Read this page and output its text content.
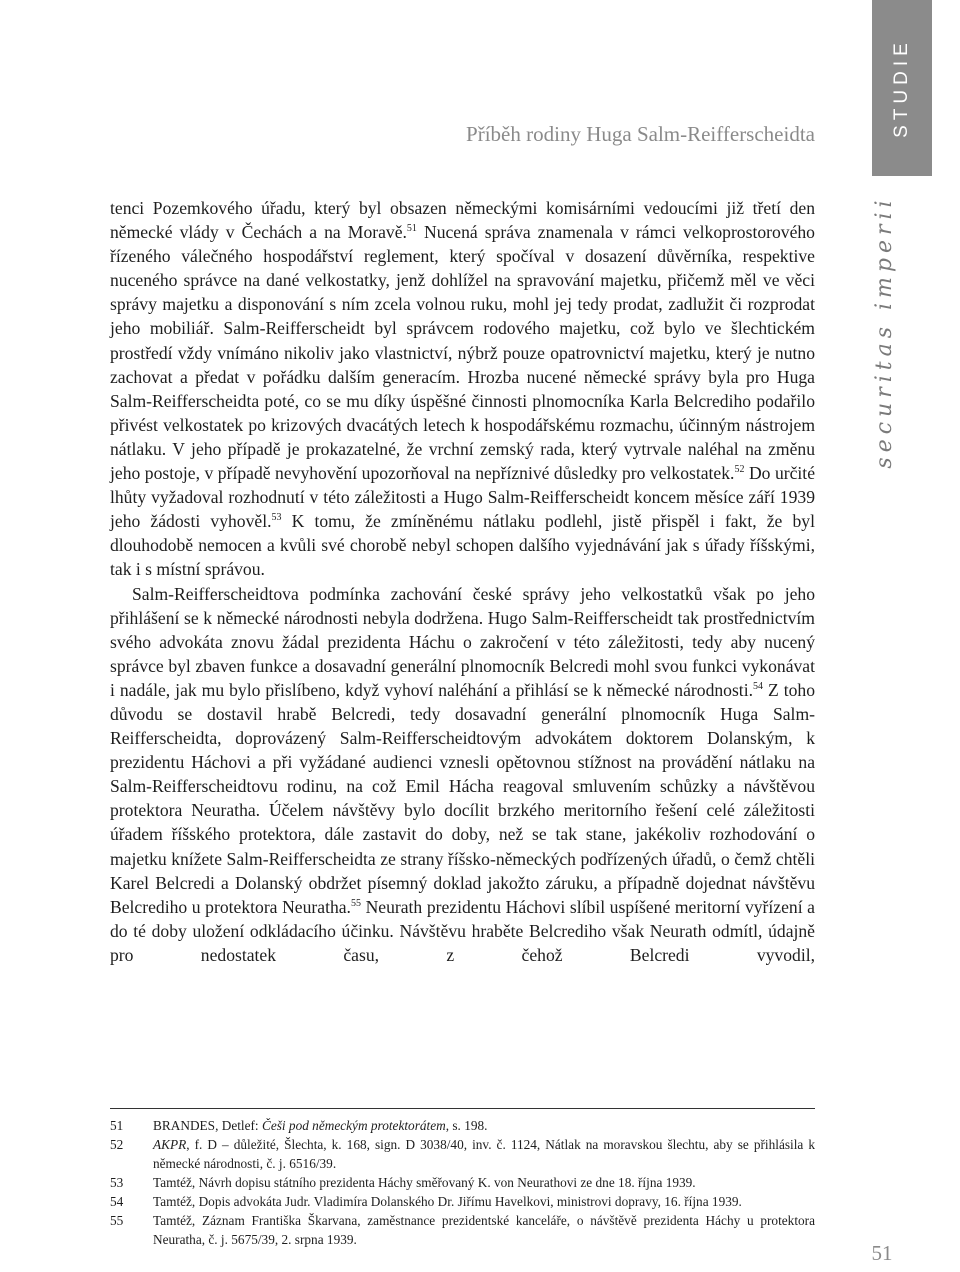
STUDIE
securitas imperii
Příběh rodiny Huga Salm-Reifferscheidta

tenci Pozemkového úřadu, který byl obsazen německými komisárními vedoucími již třetí den německé vlády v Čechách a na Moravě.$^{51}$ Nucená správa znamenala v rámci velkoprostorového řízeného válečného hospodářství reglement, který spočíval v dosazení důvěrníka, respektive nuceného správce na dané velkostatky, jenž dohlížel na spravování majetku, přičemž měl ve věci správy majetku a disponování s ním zcela volnou ruku, mohl jej tedy prodat, zadlužit či rozprodat jeho mobiliář. Salm-Reifferscheidt byl správcem rodového majetku, což bylo ve šlechtickém prostředí vždy vnímáno nikoliv jako vlastnictví, nýbrž pouze opatrovnictví majetku, který je nutno zachovat a předat v pořádku dalším generacím. Hrozba nucené německé správy byla pro Huga Salm-Reifferscheidta poté, co se mu díky úspěšné činnosti plnomocníka Karla Belcrediho podařilo přivést velkostatek po krizových dvacátých letech k hospodářskému rozmachu, účinným nástrojem nátlaku. V jeho případě je prokazatelné, že vrchní zemský rada, který vytrvale naléhal na změnu jeho postoje, v případě nevyhovění upozorňoval na nepříznivé důsledky pro velkostatek.$^{52}$ Do určité lhůty vyžadoval rozhodnutí v této záležitosti a Hugo Salm-Reifferscheidt koncem měsíce září 1939 jeho žádosti vyhověl.$^{53}$ K tomu, že zmíněnému nátlaku podlehl, jistě přispěl i fakt, že byl dlouhodobě nemocen a kvůli své chorobě nebyl schopen dalšího vyjednávání jak s úřady říšskými, tak i s místní správou.

Salm-Reifferscheidtova podmínka zachování české správy jeho velkostatků však po jeho přihlášení se k německé národnosti nebyla dodržena. Hugo Salm-Reifferscheidt tak prostřednictvím svého advokáta znovu žádal prezidenta Háchu o zakročení v této záležitosti, tedy aby nucený správce byl zbaven funkce a dosavadní generální plnomocník Belcredi mohl svou funkci vykonávat i nadále, jak mu bylo přislíbeno, když vyhoví naléhání a přihlásí se k německé národnosti.$^{54}$ Z toho důvodu se dostavil hrabě Belcredi, tedy dosavadní generální plnomocník Huga Salm-Reifferscheidta, doprovázený Salm-Reifferscheidtovým advokátem doktorem Dolanským, k prezidentu Háchovi a při vyžádané audienci vznesli opětovnou stížnost na provádění nátlaku na Salm-Reifferscheidtovu rodinu, na což Emil Hácha reagoval smluvením schůzky a návštěvou protektora Neuratha. Účelem návštěvy bylo docílit brzkého meritorního řešení celé záležitosti úřadem říšského protektora, dále zastavit do doby, než se tak stane, jakékoliv rozhodování o majetku knížete Salm-Reifferscheidta ze strany říšsko-německých podřízených úřadů, o čemž chtěli Karel Belcredi a Dolanský obdržet písemný doklad jakožto záruku, a případně dojednat návštěvu Belcrediho u protektora Neuratha.$^{55}$ Neurath prezidentu Háchovi slíbil uspíšené meritorní vyřízení a do té doby uložení odkládacího účinku. Návštěvu hraběte Belcrediho však Neurath odmítl, údajně pro nedostatek času, z čehož Belcredi vyvodil,

51	BRANDES, Detlef: Češi pod německým protektorátem, s. 198.
52	AKPR, f. D – důležité, Šlechta, k. 168, sign. D 3038/40, inv. č. 1124, Nátlak na moravskou šlechtu, aby se přihlásila k německé národnosti, č. j. 6516/39.
53	Tamtéž, Návrh dopisu státního prezidenta Háchy směřovaný K. von Neurathovi ze dne 18. října 1939.
54	Tamtéž, Dopis advokáta Judr. Vladimíra Dolanského Dr. Jiřímu Havelkovi, ministrovi dopravy, 16. října 1939.
55	Tamtéž, Záznam Františka Škarvana, zaměstnance prezidentské kanceláře, o návštěvě prezidenta Háchy u protektora Neuratha, č. j. 5675/39, 2. srpna 1939.
51
